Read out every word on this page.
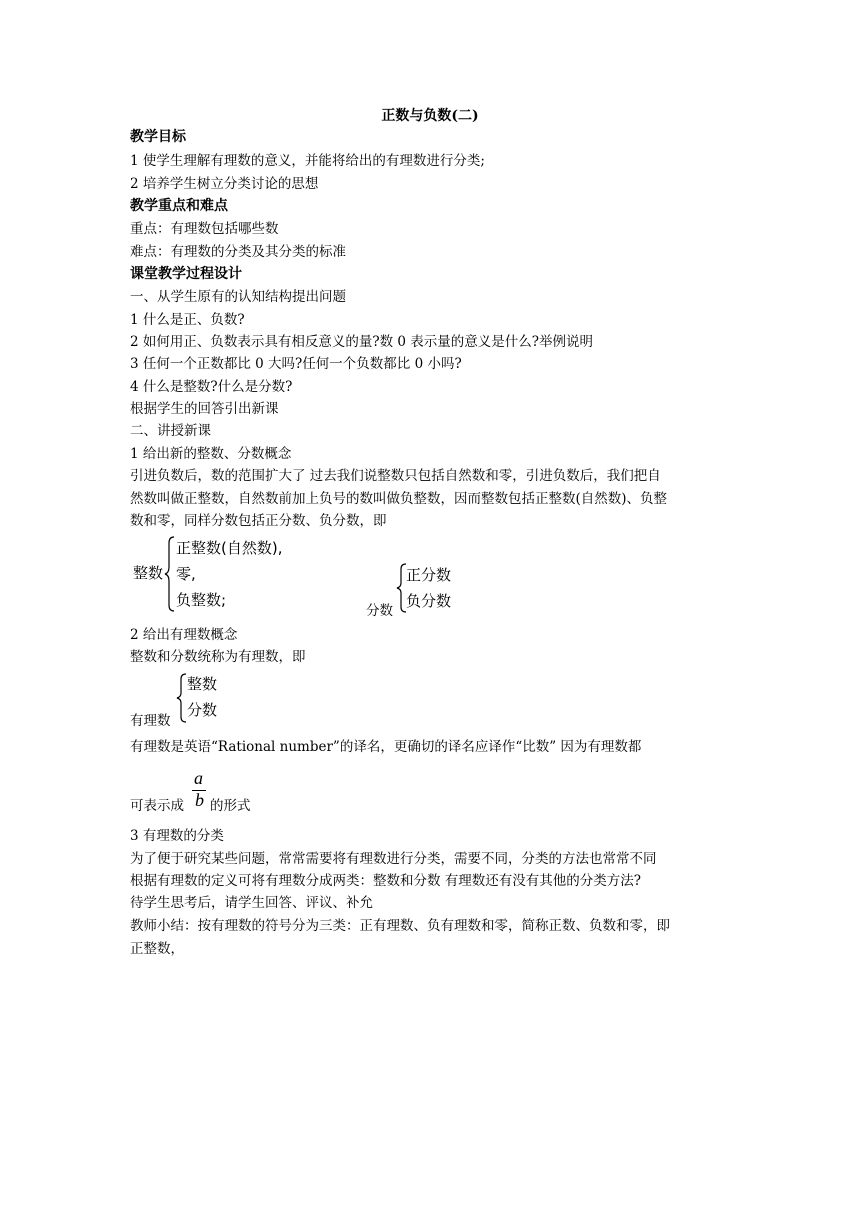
正数与负数(二)
教学目标
1 使学生理解有理数的意义，并能将给出的有理数进行分类;
2 培养学生树立分类讨论的思想
教学重点和难点
重点：有理数包括哪些数
难点：有理数的分类及其分类的标准
课堂教学过程设计
一、从学生原有的认知结构提出问题
1 什么是正、负数?
2 如何用正、负数表示具有相反意义的量?数 0 表示量的意义是什么?举例说明
3 任何一个正数都比 0 大吗?任何一个负数都比 0 小吗?
4 什么是整数?什么是分数?
根据学生的回答引出新课
二、讲授新课
1 给出新的整数、分数概念
引进负数后，数的范围扩大了 过去我们说整数只包括自然数和零，引进负数后，我们把自
然数叫做正整数，自然数前加上负号的数叫做负整数，因而整数包括正整数(自然数)、负整
数和零，同样分数包括正分数、负分数，即
整数
正整数(自然数),
零,
负整数;
分数
正分数
负分数
2 给出有理数概念
整数和分数统称为有理数，即
有理数
整数
分数
有理数是英语“Rational number”的译名，更确切的译名应译作“比数” 因为有理数都
a
b
可表示成 的形式
3 有理数的分类
为了便于研究某些问题，常常需要将有理数进行分类，需要不同，分类的方法也常常不同
根据有理数的定义可将有理数分成两类：整数和分数 有理数还有没有其他的分类方法?
待学生思考后，请学生回答、评议、补允
教师小结：按有理数的符号分为三类：正有理数、负有理数和零，简称正数、负数和零，即
正整数，
